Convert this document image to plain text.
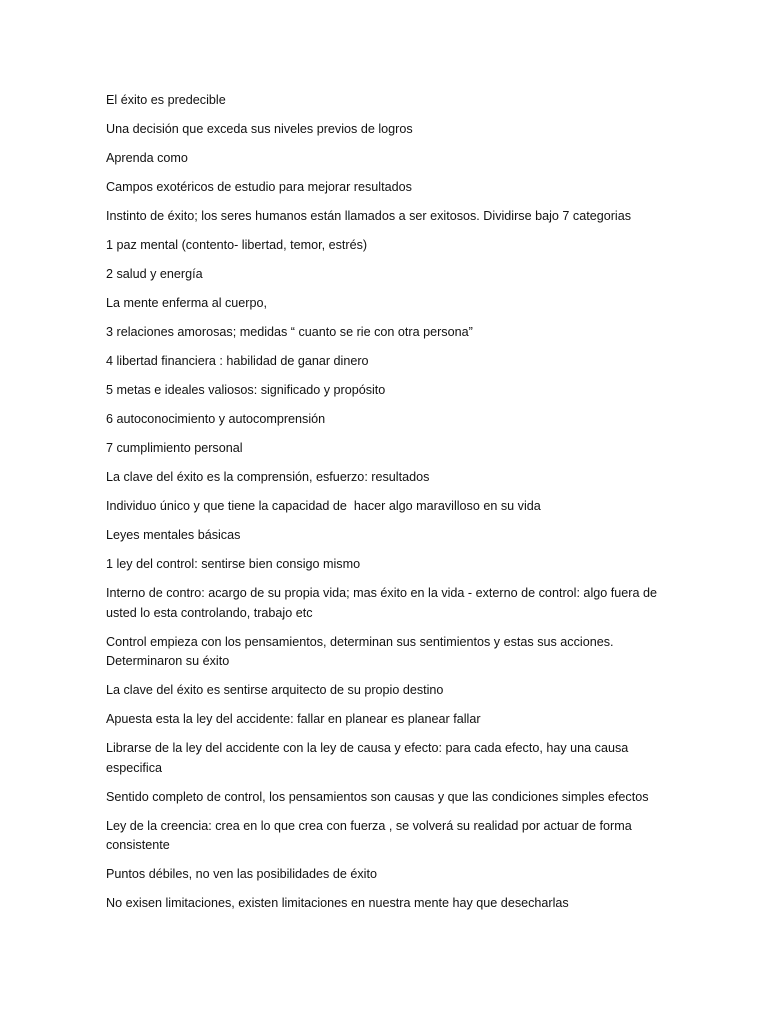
El éxito es predecible

Una decisión que exceda sus niveles previos de logros

Aprenda como

Campos exotéricos de estudio para mejorar resultados

Instinto de éxito; los seres humanos están llamados a ser exitosos. Dividirse bajo 7 categorias

1 paz mental (contento- libertad, temor, estrés)

2 salud y energía

La mente enferma al cuerpo,

3 relaciones amorosas; medidas “ cuanto se rie con otra persona”

4 libertad financiera : habilidad de ganar dinero

5 metas e ideales valiosos: significado y propósito

6 autoconocimiento y autocomprensión

7 cumplimiento personal

La clave del éxito es la comprensión, esfuerzo: resultados

Individuo único y que tiene la capacidad de  hacer algo maravilloso en su vida

Leyes mentales básicas

1 ley del control: sentirse bien consigo mismo

Interno de contro: acargo de su propia vida; mas éxito en la vida - externo de control: algo fuera de usted lo esta controlando, trabajo etc

Control empieza con los pensamientos, determinan sus sentimientos y estas sus acciones. Determinaron su éxito

La clave del éxito es sentirse arquitecto de su propio destino

Apuesta esta la ley del accidente: fallar en planear es planear fallar

Librarse de la ley del accidente con la ley de causa y efecto: para cada efecto, hay una causa especifica

Sentido completo de control, los pensamientos son causas y que las condiciones simples efectos

Ley de la creencia: crea en lo que crea con fuerza , se volverá su realidad por actuar de forma consistente

Puntos débiles, no ven las posibilidades de éxito

No exisen limitaciones, existen limitaciones en nuestra mente hay que desecharlas
